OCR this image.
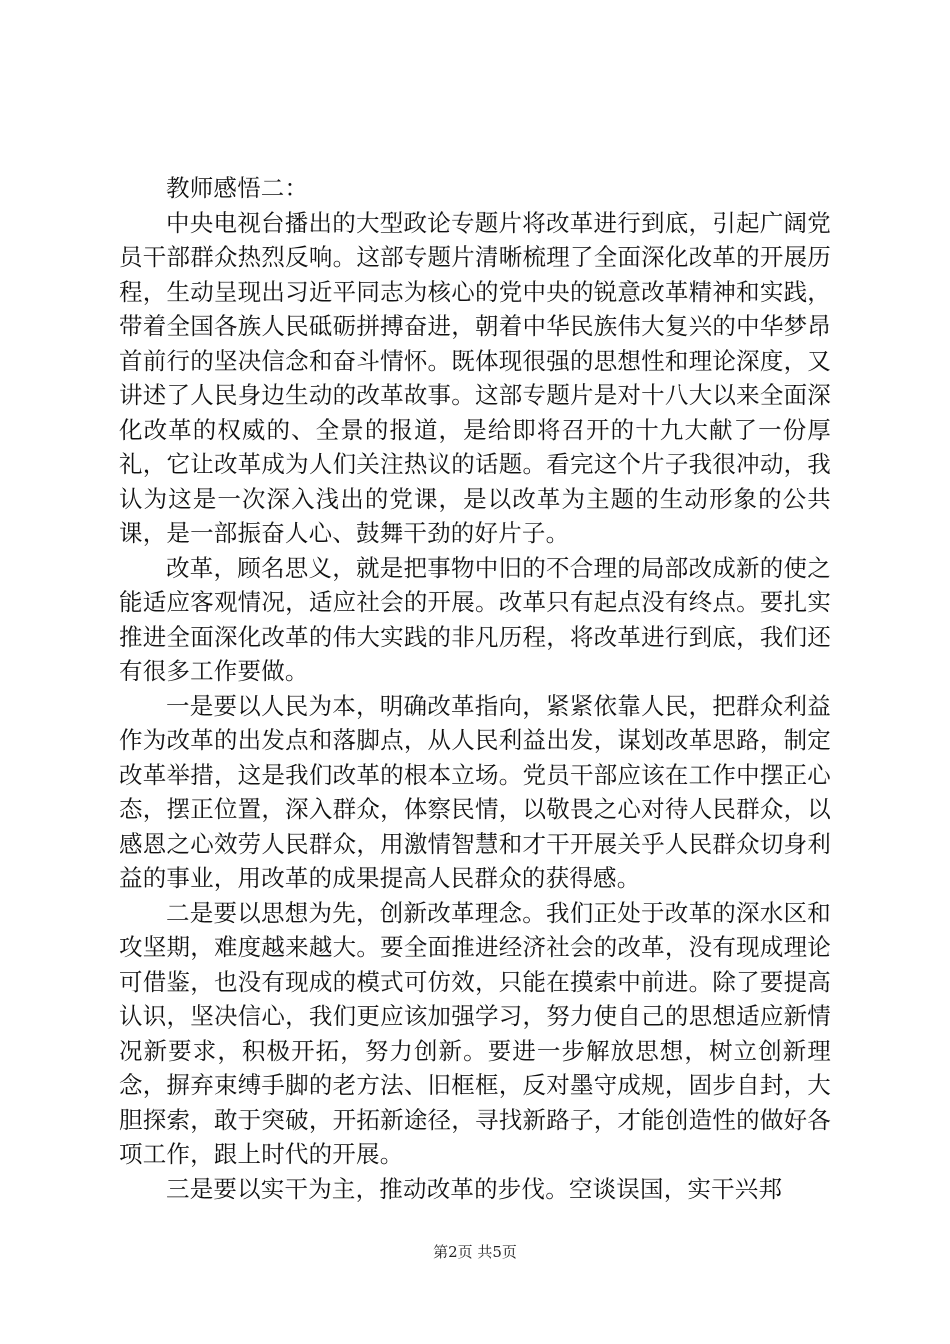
教师感悟二：

中央电视台播出的大型政论专题片将改革进行到底，引起广阔党员干部群众热烈反响。这部专题片清晰梳理了全面深化改革的开展历程，生动呈现出习近平同志为核心的党中央的锐意改革精神和实践，带着全国各族人民砥砺拼搏奋进，朝着中华民族伟大复兴的中华梦昂首前行的坚决信念和奋斗情怀。既体现很强的思想性和理论深度，又讲述了人民身边生动的改革故事。这部专题片是对十八大以来全面深化改革的权威的、全景的报道，是给即将召开的十九大献了一份厚礼，它让改革成为人们关注热议的话题。看完这个片子我很冲动，我认为这是一次深入浅出的党课，是以改革为主题的生动形象的公共课，是一部振奋人心、鼓舞干劲的好片子。

改革，顾名思义，就是把事物中旧的不合理的局部改成新的使之能适应客观情况，适应社会的开展。改革只有起点没有终点。要扎实推进全面深化改革的伟大实践的非凡历程，将改革进行到底，我们还有很多工作要做。

一是要以人民为本，明确改革指向，紧紧依靠人民，把群众利益作为改革的出发点和落脚点，从人民利益出发，谋划改革思路，制定改革举措，这是我们改革的根本立场。党员干部应该在工作中摆正心态，摆正位置，深入群众，体察民情，以敬畏之心对待人民群众，以感恩之心效劳人民群众，用激情智慧和才干开展关乎人民群众切身利益的事业，用改革的成果提高人民群众的获得感。

二是要以思想为先，创新改革理念。我们正处于改革的深水区和攻坚期，难度越来越大。要全面推进经济社会的改革，没有现成理论可借鉴，也没有现成的模式可仿效，只能在摸索中前进。除了要提高认识，坚决信心，我们更应该加强学习，努力使自己的思想适应新情况新要求，积极开拓，努力创新。要进一步解放思想，树立创新理念，摒弃束缚手脚的老方法、旧框框，反对墨守成规，固步自封，大胆探索，敢于突破，开拓新途径，寻找新路子，才能创造性的做好各项工作，跟上时代的开展。

三是要以实干为主，推动改革的步伐。空谈误国，实干兴邦

第2页 共5页
